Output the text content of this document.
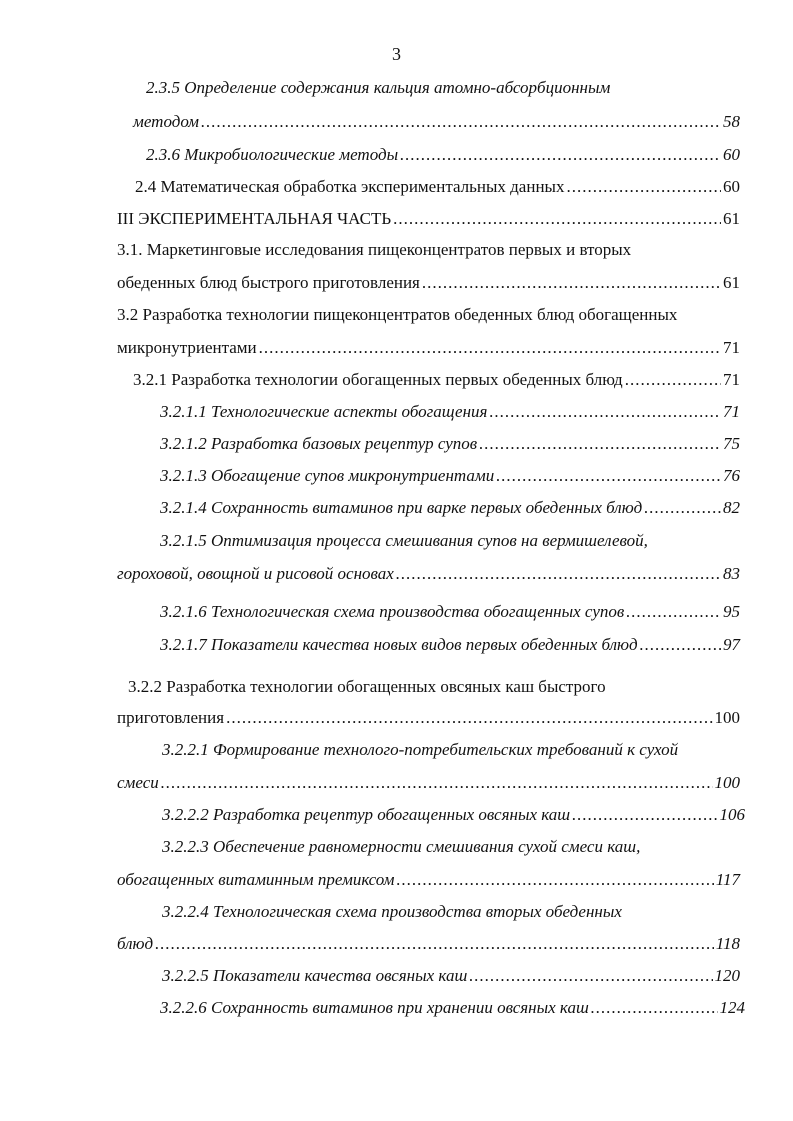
3
2.3.5 Определение содержания кальция атомно-абсорбционным
методом .....	58
2.3.6 Микробиологические методы .....	60
2.4 Математическая обработка экспериментальных данных .....	60
III ЭКСПЕРИМЕНТАЛЬНАЯ ЧАСТЬ .....	61
3.1. Маркетинговые исследования пищеконцентратов первых и вторых
обеденных блюд быстрого приготовления .....	61
3.2 Разработка технологии пищеконцентратов обеденных блюд обогащенных
микронутриентами .....	71
3.2.1 Разработка технологии обогащенных первых обеденных блюд .....	71
3.2.1.1 Технологические аспекты обогащения .....	71
3.2.1.2 Разработка базовых рецептур супов .....	75
3.2.1.3 Обогащение супов микронутриентами .....	76
3.2.1.4 Сохранность витаминов при варке первых обеденных блюд .....	82
3.2.1.5 Оптимизация процесса смешивания супов на вермишелевой,
гороховой, овощной и рисовой основах .....	83
3.2.1.6 Технологическая схема производства обогащенных супов .....	95
3.2.1.7 Показатели качества новых видов первых обеденных блюд .....	97
3.2.2 Разработка технологии обогащенных овсяных каш быстрого
приготовления .....	100
3.2.2.1 Формирование технолого-потребительских требований к сухой
смеси .....	100
3.2.2.2 Разработка рецептур обогащенных овсяных каш .....	106
3.2.2.3 Обеспечение равномерности смешивания сухой смеси каш,
обогащенных витаминным премиксом .....	117
3.2.2.4 Технологическая схема производства вторых обеденных
блюд .....	118
3.2.2.5 Показатели качества овсяных каш .....	120
3.2.2.6 Сохранность витаминов при хранении овсяных каш .....	124
